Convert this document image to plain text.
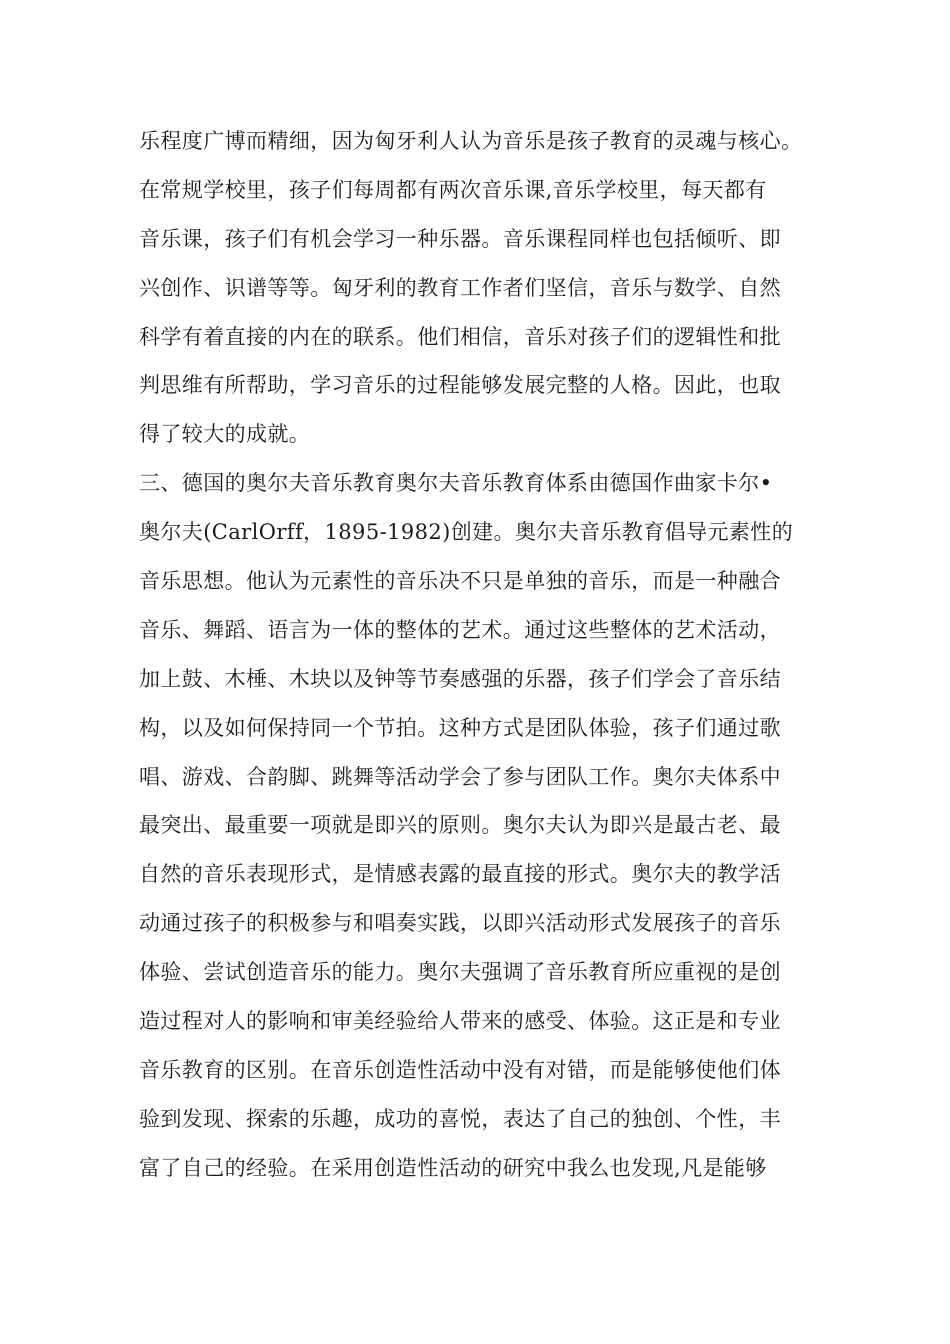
乐程度广博而精细，因为匈牙利人认为音乐是孩子教育的灵魂与核心。
在常规学校里，孩子们每周都有两次音乐课,音乐学校里，每天都有
音乐课，孩子们有机会学习一种乐器。音乐课程同样也包括倾听、即
兴创作、识谱等等。匈牙利的教育工作者们坚信，音乐与数学、自然
科学有着直接的内在的联系。他们相信，音乐对孩子们的逻辑性和批
判思维有所帮助，学习音乐的过程能够发展完整的人格。因此，也取
得了较大的成就。
三、德国的奥尔夫音乐教育奥尔夫音乐教育体系由德国作曲家卡尔•
奥尔夫(CarlOrff，1895-1982)创建。奥尔夫音乐教育倡导元素性的
音乐思想。他认为元素性的音乐决不只是单独的音乐，而是一种融合
音乐、舞蹈、语言为一体的整体的艺术。通过这些整体的艺术活动，
加上鼓、木棰、木块以及钟等节奏感强的乐器，孩子们学会了音乐结
构，以及如何保持同一个节拍。这种方式是团队体验，孩子们通过歌
唱、游戏、合韵脚、跳舞等活动学会了参与团队工作。奥尔夫体系中
最突出、最重要一项就是即兴的原则。奥尔夫认为即兴是最古老、最
自然的音乐表现形式，是情感表露的最直接的形式。奥尔夫的教学活
动通过孩子的积极参与和唱奏实践，以即兴活动形式发展孩子的音乐
体验、尝试创造音乐的能力。奥尔夫强调了音乐教育所应重视的是创
造过程对人的影响和审美经验给人带来的感受、体验。这正是和专业
音乐教育的区别。在音乐创造性活动中没有对错，而是能够使他们体
验到发现、探索的乐趣，成功的喜悦，表达了自己的独创、个性，丰
富了自己的经验。在采用创造性活动的研究中我么也发现,凡是能够
